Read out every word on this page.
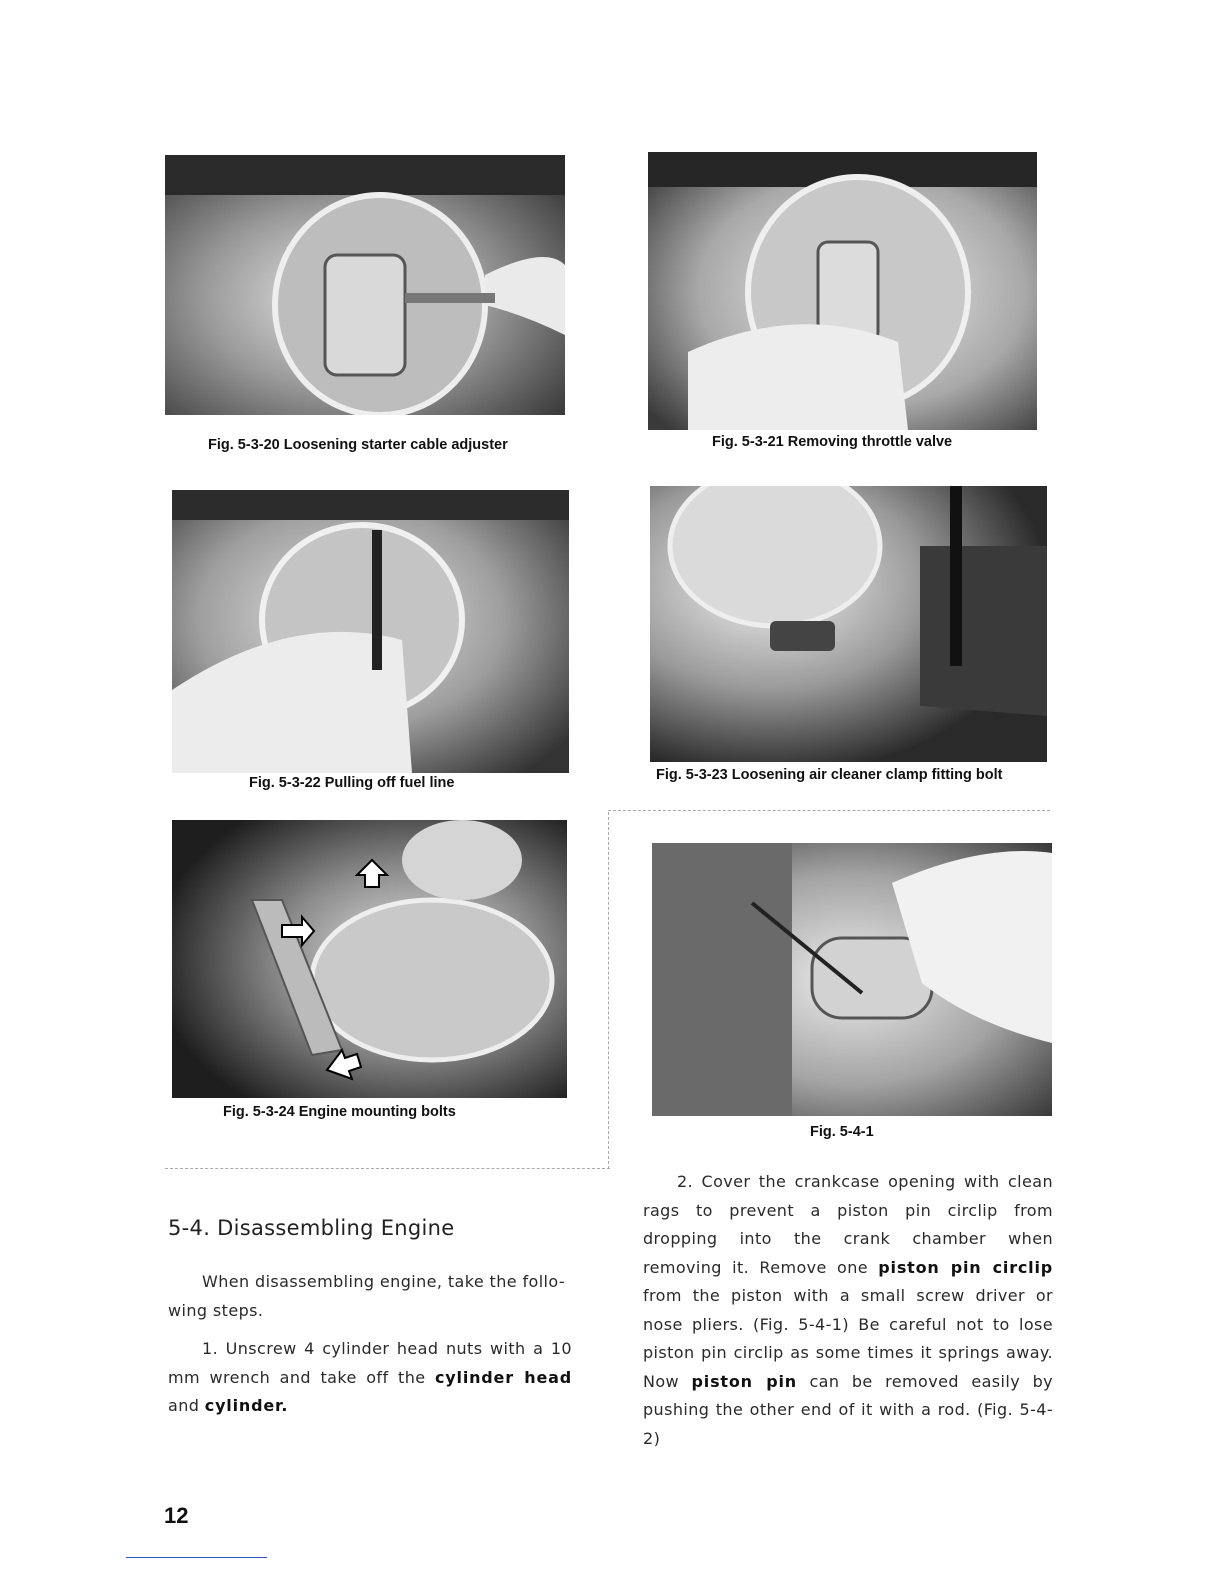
Fig. 5-3-20 Loosening starter cable adjuster	Fig. 5-3-21 Removing throttle valve
Fig. 5-3-22 Pulling off fuel line	Fig. 5-3-23 Loosening air cleaner clamp fitting bolt
Fig. 5-3-24 Engine mounting bolts
Fig. 5-4-1
5-4. Disassembling Engine

When disassembling engine, take the follo-

wing steps.

1. Unscrew 4 cylinder head nuts with a 10 mm wrench and take off the cylinder head and cylinder.

2. Cover the crankcase opening with clean rags to prevent a piston pin circlip from dropping into the crank chamber when removing it. Remove one piston pin circlip from the piston with a small screw driver or nose pliers. (Fig. 5-4-1) Be careful not to lose piston pin circlip as some times it springs away. Now piston pin can be removed easily by pushing the other end of it with a rod. (Fig. 5-4-2)

12
